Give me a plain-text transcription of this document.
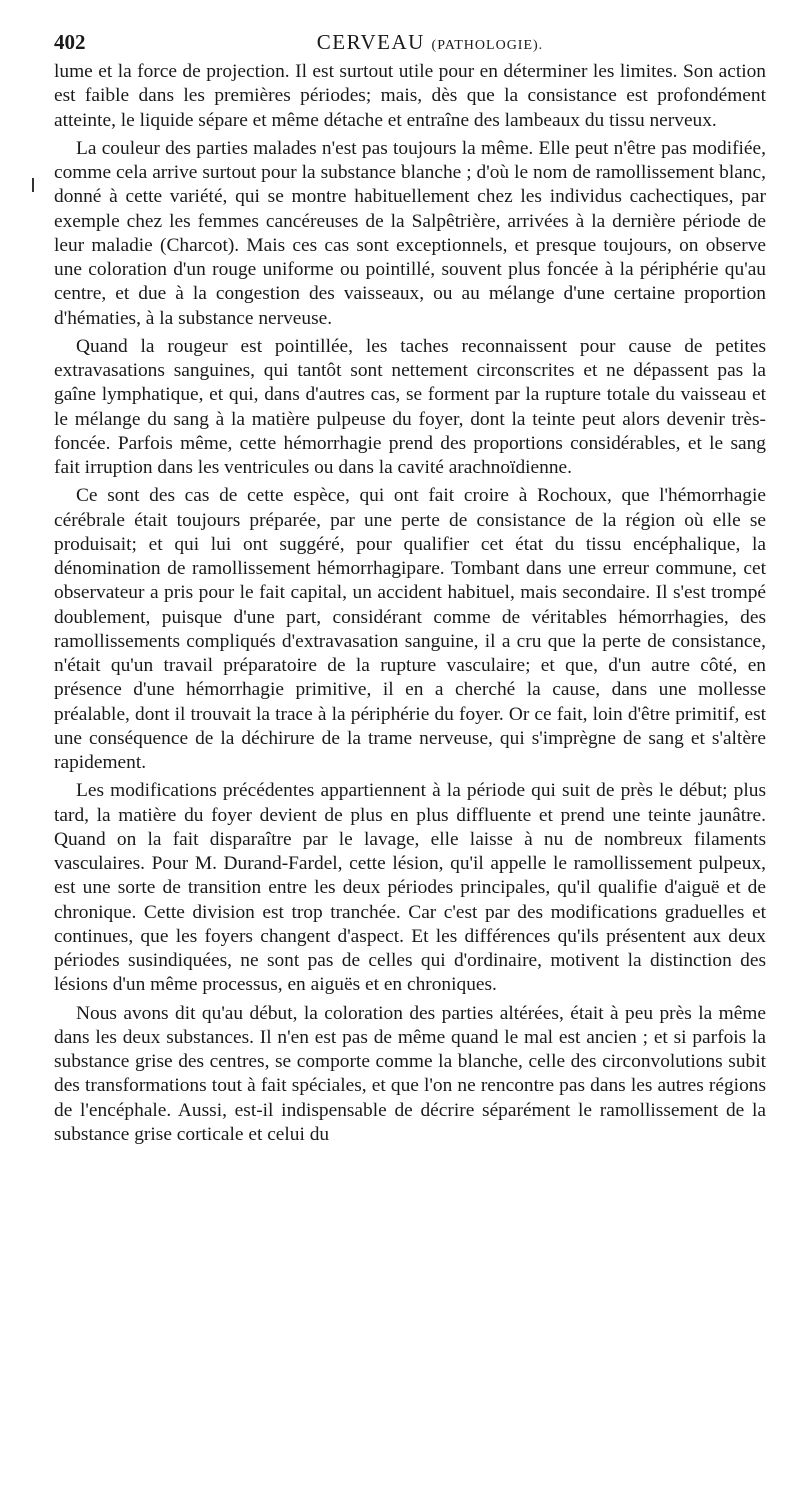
402	CERVEAU (PATHOLOGIE).

lume et la force de projection. Il est surtout utile pour en déterminer les limites. Son action est faible dans les premières périodes; mais, dès que la consistance est profondément atteinte, le liquide sépare et même détache et entraîne des lambeaux du tissu nerveux.

La couleur des parties malades n'est pas toujours la même. Elle peut n'être pas modifiée, comme cela arrive surtout pour la substance blanche ; d'où le nom de ramollissement blanc, donné à cette variété, qui se montre habituellement chez les individus cachectiques, par exemple chez les femmes cancéreuses de la Salpêtrière, arrivées à la dernière période de leur maladie (Charcot). Mais ces cas sont exceptionnels, et presque toujours, on observe une coloration d'un rouge uniforme ou pointillé, souvent plus foncée à la périphérie qu'au centre, et due à la congestion des vaisseaux, ou au mélange d'une certaine proportion d'hématies, à la substance nerveuse.

Quand la rougeur est pointillée, les taches reconnaissent pour cause de petites extravasations sanguines, qui tantôt sont nettement circonscrites et ne dépassent pas la gaîne lymphatique, et qui, dans d'autres cas, se forment par la rupture totale du vaisseau et le mélange du sang à la matière pulpeuse du foyer, dont la teinte peut alors devenir très-foncée. Parfois même, cette hémorrhagie prend des proportions considérables, et le sang fait irruption dans les ventricules ou dans la cavité arachnoïdienne.

Ce sont des cas de cette espèce, qui ont fait croire à Rochoux, que l'hémorrhagie cérébrale était toujours préparée, par une perte de consistance de la région où elle se produisait; et qui lui ont suggéré, pour qualifier cet état du tissu encéphalique, la dénomination de ramollissement hémorrhagipare. Tombant dans une erreur commune, cet observateur a pris pour le fait capital, un accident habituel, mais secondaire. Il s'est trompé doublement, puisque d'une part, considérant comme de véritables hémorrhagies, des ramollissements compliqués d'extravasation sanguine, il a cru que la perte de consistance, n'était qu'un travail préparatoire de la rupture vasculaire; et que, d'un autre côté, en présence d'une hémorrhagie primitive, il en a cherché la cause, dans une mollesse préalable, dont il trouvait la trace à la périphérie du foyer. Or ce fait, loin d'être primitif, est une conséquence de la déchirure de la trame nerveuse, qui s'imprègne de sang et s'altère rapidement.

Les modifications précédentes appartiennent à la période qui suit de près le début; plus tard, la matière du foyer devient de plus en plus diffluente et prend une teinte jaunâtre. Quand on la fait disparaître par le lavage, elle laisse à nu de nombreux filaments vasculaires. Pour M. Durand-Fardel, cette lésion, qu'il appelle le ramollissement pulpeux, est une sorte de transition entre les deux périodes principales, qu'il qualifie d'aiguë et de chronique. Cette division est trop tranchée. Car c'est par des modifications graduelles et continues, que les foyers changent d'aspect. Et les différences qu'ils présentent aux deux périodes susindiquées, ne sont pas de celles qui d'ordinaire, motivent la distinction des lésions d'un même processus, en aiguës et en chroniques.

Nous avons dit qu'au début, la coloration des parties altérées, était à peu près la même dans les deux substances. Il n'en est pas de même quand le mal est ancien ; et si parfois la substance grise des centres, se comporte comme la blanche, celle des circonvolutions subit des transformations tout à fait spéciales, et que l'on ne rencontre pas dans les autres régions de l'encéphale. Aussi, est-il indispensable de décrire séparément le ramollissement de la substance grise corticale et celui du
